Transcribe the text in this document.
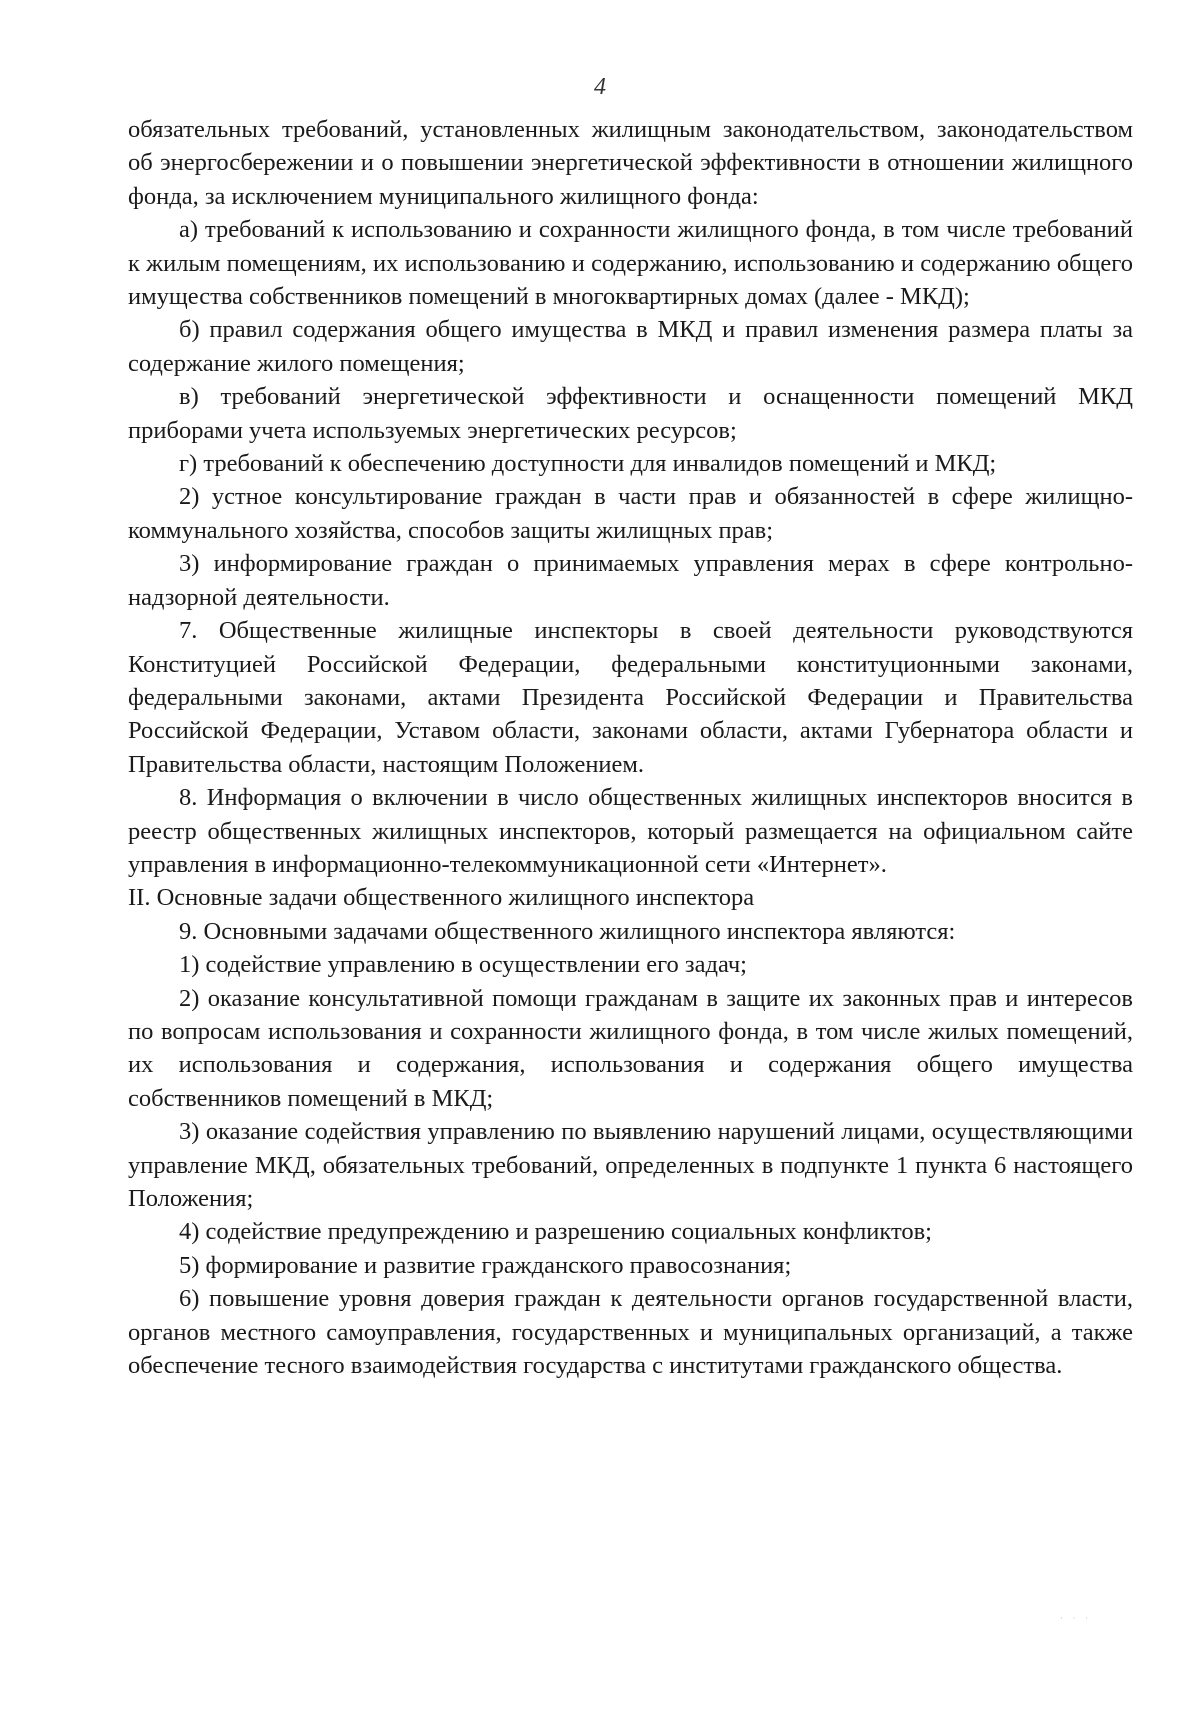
4

обязательных требований, установленных жилищным законодательством, законодательством об энергосбережении и о повышении энергетической эффективности в отношении жилищного фонда, за исключением муниципального жилищного фонда:

а) требований к использованию и сохранности жилищного фонда, в том числе требований к жилым помещениям, их использованию и содержанию, использованию и содержанию общего имущества собственников помещений в многоквартирных домах (далее - МКД);

б) правил содержания общего имущества в МКД и правил изменения размера платы за содержание жилого помещения;

в) требований энергетической эффективности и оснащенности помещений МКД приборами учета используемых энергетических ресурсов;

г) требований к обеспечению доступности для инвалидов помещений и МКД;

2) устное консультирование граждан в части прав и обязанностей в сфере жилищно-коммунального хозяйства, способов защиты жилищных прав;

3) информирование граждан о принимаемых управления мерах в сфере контрольно-надзорной деятельности.

7. Общественные жилищные инспекторы в своей деятельности руководствуются Конституцией Российской Федерации, федеральными конституционными законами, федеральными законами, актами Президента Российской Федерации и Правительства Российской Федерации, Уставом области, законами области, актами Губернатора области и Правительства области, настоящим Положением.

8. Информация о включении в число общественных жилищных инспекторов вносится в реестр общественных жилищных инспекторов, который размещается на официальном сайте управления в информационно-телекоммуникационной сети «Интернет».

II. Основные задачи общественного жилищного инспектора

9. Основными задачами общественного жилищного инспектора являются:

1) содействие управлению в осуществлении его задач;

2) оказание консультативной помощи гражданам в защите их законных прав и интересов по вопросам использования и сохранности жилищного фонда, в том числе жилых помещений, их использования и содержания, использования и содержания общего имущества собственников помещений в МКД;

3) оказание содействия управлению по выявлению нарушений лицами, осуществляющими управление МКД, обязательных требований, определенных в подпункте 1 пункта 6 настоящего Положения;

4) содействие предупреждению и разрешению социальных конфликтов;

5) формирование и развитие гражданского правосознания;

6) повышение уровня доверия граждан к деятельности органов государственной власти, органов местного самоуправления, государственных и муниципальных организаций, а также обеспечение тесного взаимодействия государства с институтами гражданского общества.

· · ·
